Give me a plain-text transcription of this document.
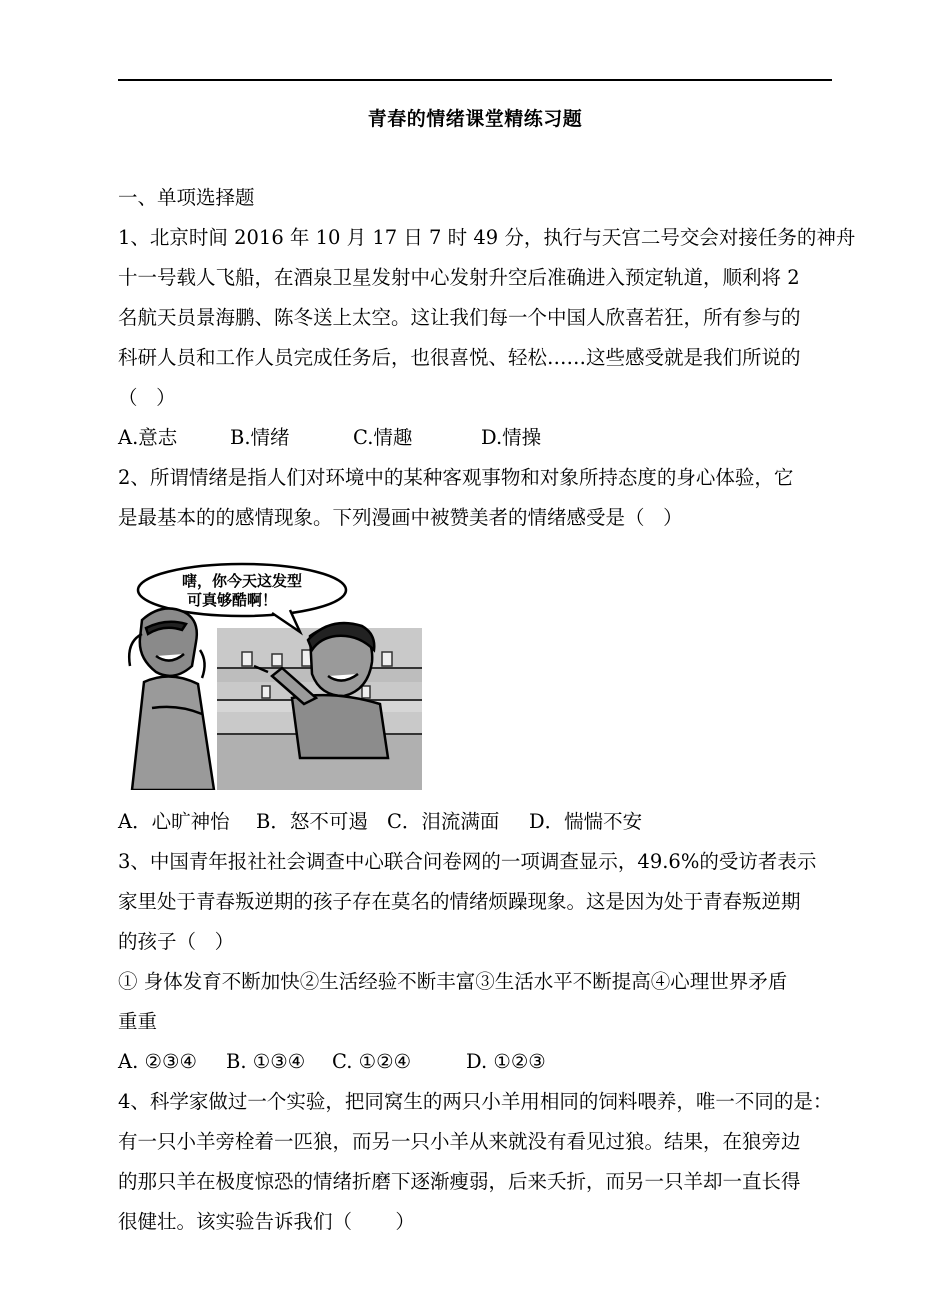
青春的情绪课堂精练习题
一、单项选择题
1、北京时间 2016 年 10 月 17 日 7 时 49 分，执行与天宫二号交会对接任务的神舟
十一号载人飞船，在酒泉卫星发射中心发射升空后准确进入预定轨道，顺利将 2
名航天员景海鹏、陈冬送上太空。这让我们每一个中国人欣喜若狂，所有参与的
科研人员和工作人员完成任务后，也很喜悦、轻松……这些感受就是我们所说的
（   ）
A.意志	B.情绪	C.情趣	D.情操
2、所谓情绪是指人们对环境中的某种客观事物和对象所持态度的身心体验，它
是最基本的的感情现象。下列漫画中被赞美者的情绪感受是（   ）
嗐，你今天这发型
可真够酷啊！
A．心旷神怡	B．怒不可遏 C．泪流满面	D．惴惴不安
3、中国青年报社社会调查中心联合问卷网的一项调查显示，49.6%的受访者表示
家里处于青春叛逆期的孩子存在莫名的情绪烦躁现象。这是因为处于青春叛逆期
的孩子（   ）
① 身体发育不断加快②生活经验不断丰富③生活水平不断提高④心理世界矛盾
重重
A. ②③④	B. ①③④	C. ①②④	D. ①②③
4、科学家做过一个实验，把同窝生的两只小羊用相同的饲料喂养，唯一不同的是：
有一只小羊旁栓着一匹狼，而另一只小羊从来就没有看见过狼。结果，在狼旁边
的那只羊在极度惊恐的情绪折磨下逐渐瘦弱，后来夭折，而另一只羊却一直长得
很健壮。该实验告诉我们（       ）
